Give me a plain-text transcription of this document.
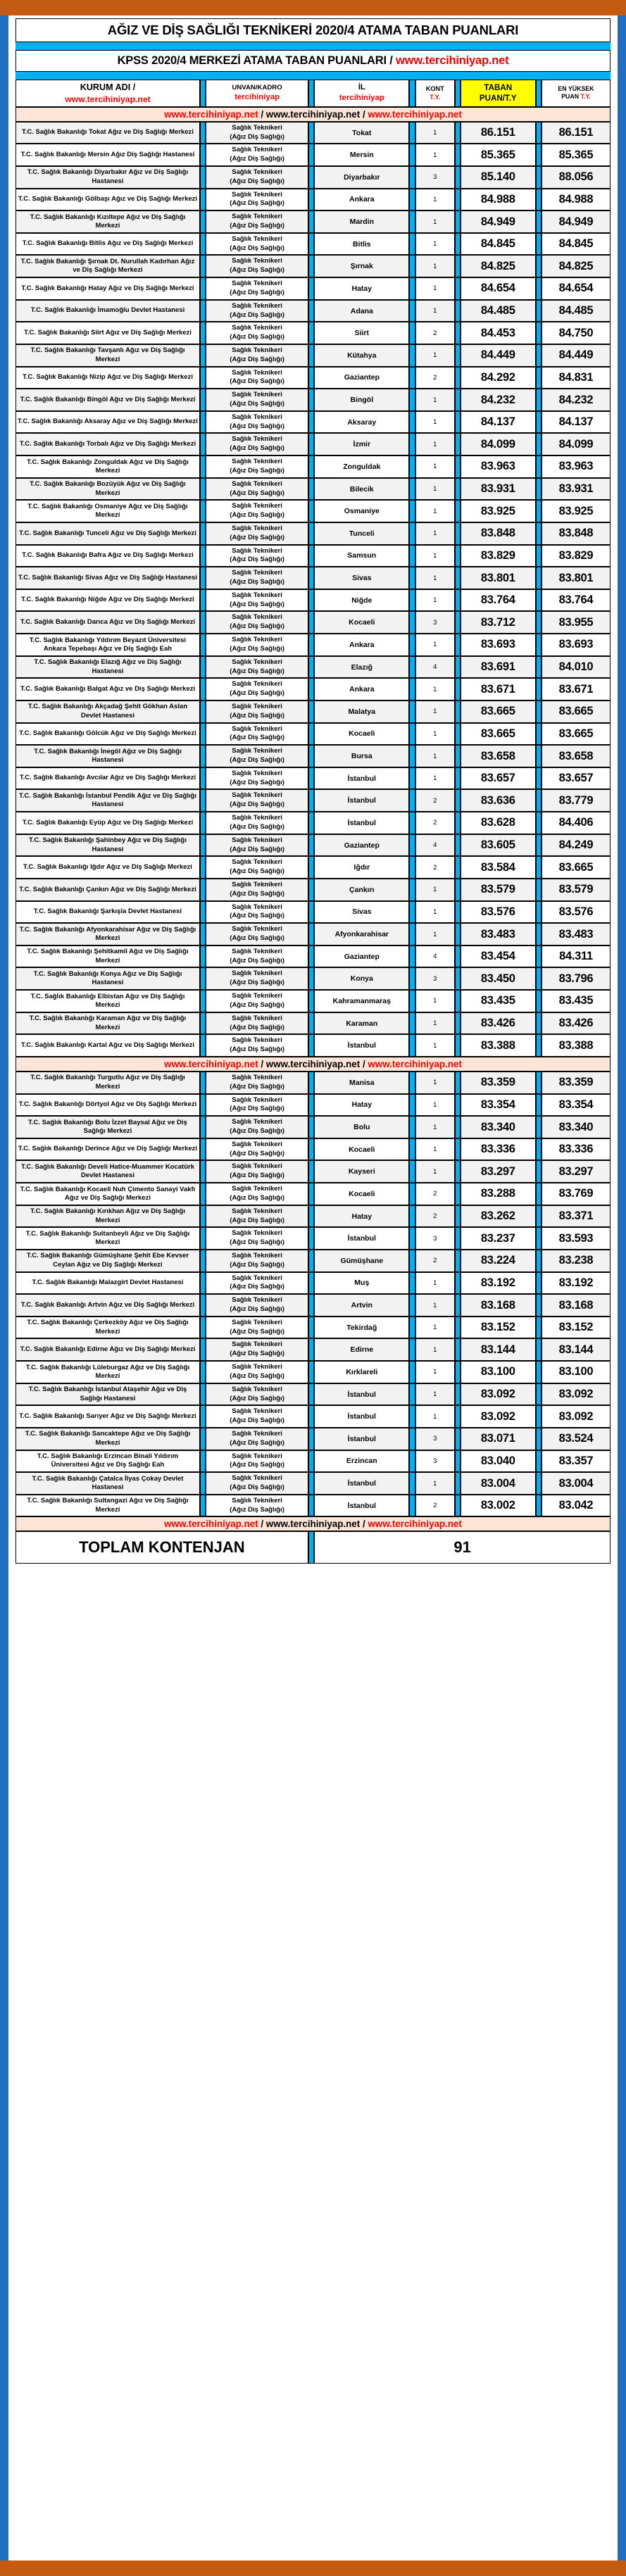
AĞIZ VE DİŞ SAĞLIĞI TEKNİKERİ 2020/4 ATAMA TABAN PUANLARI
KPSS 2020/4 MERKEZİ ATAMA TABAN PUANLARI / www.tercihiniyap.net
KURUM ADI /
www.tercihiniyap.net		UNVAN/KADRO
tercihiniyap		İL
tercihiniyap		KONT
T.Y.		TABAN
PUAN/T.Y		EN YÜKSEK
PUAN T.Y.
www.tercihiniyap.net / www.tercihiniyap.net / www.tercihiniyap.net										
T.C. Sağlık Bakanlığı Tokat Ağız ve Diş Sağlığı Merkezi		Sağlık Teknikeri
(Ağız Diş Sağlığı)		Tokat		1		86.151		86.151
T.C. Sağlık Bakanlığı Mersin Ağız Diş Sağlığı Hastanesi		Sağlık Teknikeri
(Ağız Diş Sağlığı)		Mersin		1		85.365		85.365
T.C. Sağlık Bakanlığı Diyarbakır Ağız ve Diş Sağlığı Hastanesi		Sağlık Teknikeri
(Ağız Diş Sağlığı)		Diyarbakır		3		85.140		88.056
T.C. Sağlık Bakanlığı Gölbaşı Ağız ve Diş Sağlığı Merkezi		Sağlık Teknikeri
(Ağız Diş Sağlığı)		Ankara		1		84.988		84.988
T.C. Sağlık Bakanlığı Kızıltepe Ağız ve Diş Sağlığı Merkezi		Sağlık Teknikeri
(Ağız Diş Sağlığı)		Mardin		1		84.949		84.949
T.C. Sağlık Bakanlığı Bitlis Ağız ve Diş Sağlığı Merkezi		Sağlık Teknikeri
(Ağız Diş Sağlığı)		Bitlis		1		84.845		84.845
T.C. Sağlık Bakanlığı Şırnak Dt. Nurullah Kadırhan Ağız ve Diş Sağlığı Merkezi		Sağlık Teknikeri
(Ağız Diş Sağlığı)		Şırnak		1		84.825		84.825
T.C. Sağlık Bakanlığı Hatay Ağız ve Diş Sağlığı Merkezi		Sağlık Teknikeri
(Ağız Diş Sağlığı)		Hatay		1		84.654		84.654
T.C. Sağlık Bakanlığı İmamoğlu Devlet Hastanesi		Sağlık Teknikeri
(Ağız Diş Sağlığı)		Adana		1		84.485		84.485
T.C. Sağlık Bakanlığı Siirt Ağız ve Diş Sağlığı Merkezi		Sağlık Teknikeri
(Ağız Diş Sağlığı)		Siirt		2		84.453		84.750
T.C. Sağlık Bakanlığı Tavşanlı Ağız ve Diş Sağlığı Merkezi		Sağlık Teknikeri
(Ağız Diş Sağlığı)		Kütahya		1		84.449		84.449
T.C. Sağlık Bakanlığı Nizip Ağız ve Diş Sağlığı Merkezi		Sağlık Teknikeri
(Ağız Diş Sağlığı)		Gaziantep		2		84.292		84.831
T.C. Sağlık Bakanlığı Bingöl Ağız ve Diş Sağlığı Merkezi		Sağlık Teknikeri
(Ağız Diş Sağlığı)		Bingöl		1		84.232		84.232
T.C. Sağlık Bakanlığı Aksaray Ağız ve Diş Sağlığı Merkezi		Sağlık Teknikeri
(Ağız Diş Sağlığı)		Aksaray		1		84.137		84.137
T.C. Sağlık Bakanlığı Torbalı Ağız ve Diş Sağlığı Merkezi		Sağlık Teknikeri
(Ağız Diş Sağlığı)		İzmir		1		84.099		84.099
T.C. Sağlık Bakanlığı Zonguldak Ağız ve Diş Sağlığı Merkezi		Sağlık Teknikeri
(Ağız Diş Sağlığı)		Zonguldak		1		83.963		83.963
T.C. Sağlık Bakanlığı Bozüyük Ağız ve Diş Sağlığı Merkezi		Sağlık Teknikeri
(Ağız Diş Sağlığı)		Bilecik		1		83.931		83.931
T.C. Sağlık Bakanlığı Osmaniye Ağız ve Diş Sağlığı Merkezi		Sağlık Teknikeri
(Ağız Diş Sağlığı)		Osmaniye		1		83.925		83.925
T.C. Sağlık Bakanlığı Tunceli Ağız ve Diş Sağlığı Merkezi		Sağlık Teknikeri
(Ağız Diş Sağlığı)		Tunceli		1		83.848		83.848
T.C. Sağlık Bakanlığı Bafra Ağız ve Diş Sağlığı Merkezi		Sağlık Teknikeri
(Ağız Diş Sağlığı)		Samsun		1		83.829		83.829
T.C. Sağlık Bakanlığı Sivas Ağız ve Diş Sağlığı Hastanesi		Sağlık Teknikeri
(Ağız Diş Sağlığı)		Sivas		1		83.801		83.801
T.C. Sağlık Bakanlığı Niğde Ağız ve Diş Sağlığı Merkezi		Sağlık Teknikeri
(Ağız Diş Sağlığı)		Niğde		1		83.764		83.764
T.C. Sağlık Bakanlığı Darıca Ağız ve Diş Sağlığı Merkezi		Sağlık Teknikeri
(Ağız Diş Sağlığı)		Kocaeli		3		83.712		83.955

T.C. Sağlık Bakanlığı Yıldırım Beyazıt Üniversitesi Ankara Tepebaşı Ağız ve Diş Sağlığı Eah		Sağlık Teknikeri
(Ağız Diş Sağlığı)		Ankara		1		83.693		83.693
T.C. Sağlık Bakanlığı Elazığ Ağız ve Diş Sağlığı Hastanesi		Sağlık Teknikeri
(Ağız Diş Sağlığı)		Elazığ		4		83.691		84.010
T.C. Sağlık Bakanlığı Balgat Ağız ve Diş Sağlığı Merkezi		Sağlık Teknikeri
(Ağız Diş Sağlığı)		Ankara		1		83.671		83.671
T.C. Sağlık Bakanlığı Akçadağ Şehit Gökhan Aslan Devlet Hastanesi		Sağlık Teknikeri
(Ağız Diş Sağlığı)		Malatya		1		83.665		83.665
T.C. Sağlık Bakanlığı Gölcük Ağız ve Diş Sağlığı Merkezi		Sağlık Teknikeri
(Ağız Diş Sağlığı)		Kocaeli		1		83.665		83.665
T.C. Sağlık Bakanlığı İnegöl Ağız ve Diş Sağlığı Hastanesi		Sağlık Teknikeri
(Ağız Diş Sağlığı)		Bursa		1		83.658		83.658
T.C. Sağlık Bakanlığı Avcılar Ağız ve Diş Sağlığı Merkezi		Sağlık Teknikeri
(Ağız Diş Sağlığı)		İstanbul		1		83.657		83.657
T.C. Sağlık Bakanlığı İstanbul Pendik Ağız ve Diş Sağlığı Hastanesi		Sağlık Teknikeri
(Ağız Diş Sağlığı)		İstanbul		2		83.636		83.779
T.C. Sağlık Bakanlığı Eyüp Ağız ve Diş Sağlığı Merkezi		Sağlık Teknikeri
(Ağız Diş Sağlığı)		İstanbul		2		83.628		84.406
T.C. Sağlık Bakanlığı Şahinbey Ağız ve Diş Sağlığı Hastanesi		Sağlık Teknikeri
(Ağız Diş Sağlığı)		Gaziantep		4		83.605		84.249
T.C. Sağlık Bakanlığı Iğdır Ağız ve Diş Sağlığı Merkezi		Sağlık Teknikeri
(Ağız Diş Sağlığı)		Iğdır		2		83.584		83.665
T.C. Sağlık Bakanlığı Çankırı Ağız ve Diş Sağlığı Merkezi		Sağlık Teknikeri
(Ağız Diş Sağlığı)		Çankırı		1		83.579		83.579
T.C. Sağlık Bakanlığı Şarkışla Devlet Hastanesi		Sağlık Teknikeri
(Ağız Diş Sağlığı)		Sivas		1		83.576		83.576
T.C. Sağlık Bakanlığı Afyonkarahisar Ağız ve Diş Sağlığı Merkezi		Sağlık Teknikeri
(Ağız Diş Sağlığı)		Afyonkarahisar		1		83.483		83.483
T.C. Sağlık Bakanlığı Şehitkamil Ağız ve Diş Sağlığı Merkezi		Sağlık Teknikeri
(Ağız Diş Sağlığı)		Gaziantep		4		83.454		84.311
T.C. Sağlık Bakanlığı Konya Ağız ve Diş Sağlığı Hastanesi		Sağlık Teknikeri
(Ağız Diş Sağlığı)		Konya		3		83.450		83.796
T.C. Sağlık Bakanlığı Elbistan Ağız ve Diş Sağlığı Merkezi		Sağlık Teknikeri
(Ağız Diş Sağlığı)		Kahramanmaraş		1		83.435		83.435
T.C. Sağlık Bakanlığı Karaman Ağız ve Diş Sağlığı Merkezi		Sağlık Teknikeri
(Ağız Diş Sağlığı)		Karaman		1		83.426		83.426
T.C. Sağlık Bakanlığı Kartal Ağız ve Diş Sağlığı Merkezi		Sağlık Teknikeri
(Ağız Diş Sağlığı)		İstanbul		1		83.388		83.388
www.tercihiniyap.net / www.tercihiniyap.net / www.tercihiniyap.net										
T.C. Sağlık Bakanlığı Turgutlu Ağız ve Diş Sağlığı Merkezi		Sağlık Teknikeri
(Ağız Diş Sağlığı)		Manisa		1		83.359		83.359
T.C. Sağlık Bakanlığı Dörtyol Ağız ve Diş Sağlığı Merkezi		Sağlık Teknikeri
(Ağız Diş Sağlığı)		Hatay		1		83.354		83.354
T.C. Sağlık Bakanlığı Bolu İzzet Baysal Ağız ve Diş Sağlığı Merkezi		Sağlık Teknikeri
(Ağız Diş Sağlığı)		Bolu		1		83.340		83.340
T.C. Sağlık Bakanlığı Derince Ağız ve Diş Sağlığı Merkezi		Sağlık Teknikeri
(Ağız Diş Sağlığı)		Kocaeli		1		83.336		83.336
T.C. Sağlık Bakanlığı Develi Hatice-Muammer Kocatürk Devlet Hastanesi		Sağlık Teknikeri
(Ağız Diş Sağlığı)		Kayseri		1		83.297		83.297

T.C. Sağlık Bakanlığı Kocaeli Nuh Çimento Sanayi Vakfı Ağız ve Diş Sağlığı Merkezi		Sağlık Teknikeri
(Ağız Diş Sağlığı)		Kocaeli		2		83.288		83.769
T.C. Sağlık Bakanlığı Kırıkhan Ağız ve Diş Sağlığı Merkezi		Sağlık Teknikeri
(Ağız Diş Sağlığı)		Hatay		2		83.262		83.371
T.C. Sağlık Bakanlığı Sultanbeyli Ağız ve Diş Sağlığı Merkezi		Sağlık Teknikeri
(Ağız Diş Sağlığı)		İstanbul		3		83.237		83.593

T.C. Sağlık Bakanlığı Gümüşhane Şehit Ebe Kevser Ceylan Ağız ve Diş Sağlığı Merkezi		Sağlık Teknikeri
(Ağız Diş Sağlığı)		Gümüşhane		2		83.224		83.238
T.C. Sağlık Bakanlığı Malazgirt Devlet Hastanesi		Sağlık Teknikeri
(Ağız Diş Sağlığı)		Muş		1		83.192		83.192
T.C. Sağlık Bakanlığı Artvin Ağız ve Diş Sağlığı Merkezi		Sağlık Teknikeri
(Ağız Diş Sağlığı)		Artvin		1		83.168		83.168
T.C. Sağlık Bakanlığı Çerkezköy Ağız ve Diş Sağlığı Merkezi		Sağlık Teknikeri
(Ağız Diş Sağlığı)		Tekirdağ		1		83.152		83.152
T.C. Sağlık Bakanlığı Edirne Ağız ve Diş Sağlığı Merkezi		Sağlık Teknikeri
(Ağız Diş Sağlığı)		Edirne		1		83.144		83.144
T.C. Sağlık Bakanlığı Lüleburgaz Ağız ve Diş Sağlığı Merkezi		Sağlık Teknikeri
(Ağız Diş Sağlığı)		Kırklareli		1		83.100		83.100
T.C. Sağlık Bakanlığı İstanbul Ataşehir Ağız ve Diş Sağlığı Hastanesi		Sağlık Teknikeri
(Ağız Diş Sağlığı)		İstanbul		1		83.092		83.092
T.C. Sağlık Bakanlığı Sarıyer Ağız ve Diş Sağlığı Merkezi		Sağlık Teknikeri
(Ağız Diş Sağlığı)		İstanbul		1		83.092		83.092
T.C. Sağlık Bakanlığı Sancaktepe Ağız ve Diş Sağlığı Merkezi		Sağlık Teknikeri
(Ağız Diş Sağlığı)		İstanbul		3		83.071		83.524

T.C. Sağlık Bakanlığı Erzincan Binali Yıldırım Üniversitesi Ağız ve Diş Sağlığı Eah		Sağlık Teknikeri
(Ağız Diş Sağlığı)		Erzincan		3		83.040		83.357
T.C. Sağlık Bakanlığı Çatalca İlyas Çokay Devlet Hastanesi		Sağlık Teknikeri
(Ağız Diş Sağlığı)		İstanbul		1		83.004		83.004
T.C. Sağlık Bakanlığı Sultangazi Ağız ve Diş Sağlığı Merkezi		Sağlık Teknikeri
(Ağız Diş Sağlığı)		İstanbul		2		83.002		83.042
www.tercihiniyap.net / www.tercihiniyap.net / www.tercihiniyap.net										
TOPLAM KONTENJAN		91
